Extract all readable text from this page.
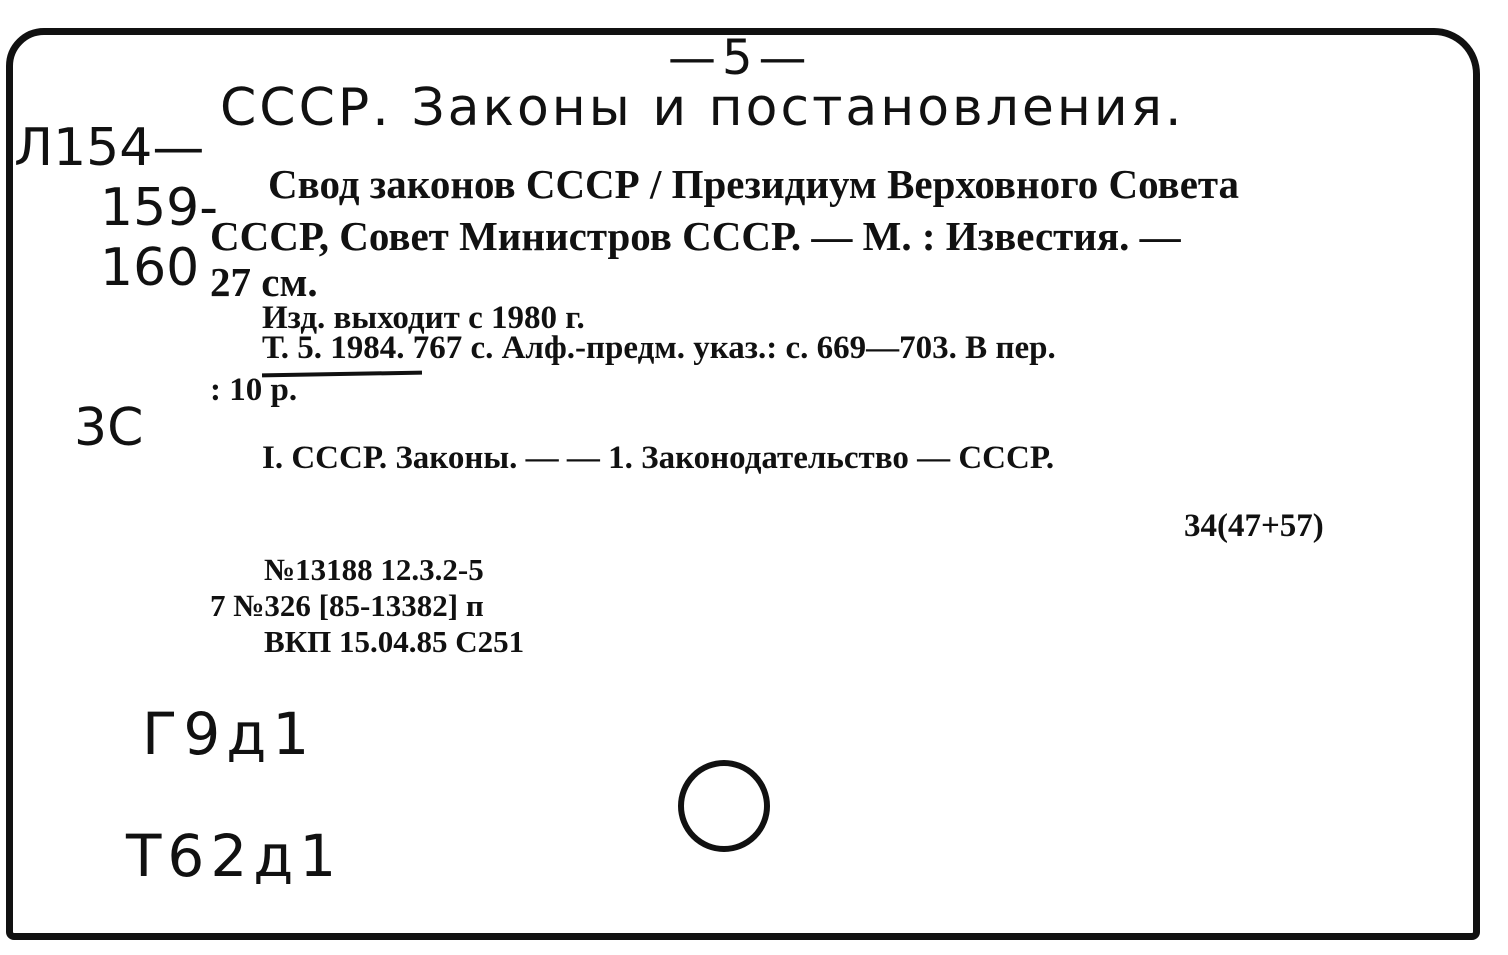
—5—
СССР. Законы и постановления.
Л154—
159-
160
3С
Свод законов СССР / Президиум Верховного Совета
СССР, Совет Министров СССР. — М. : Известия. —
27 см.
Изд. выходит с 1980 г.
Т. 5. 1984. 767 с. Алф.-предм. указ.: с. 669—703. В пер.
: 10 р.
I. СССР. Законы. — — 1. Законодательство — СССР.
34(47+57)
№13188 12.3.2-5
7 №326 [85-13382] п
ВКП 15.04.85 С251
Г9д1
Т62д1
